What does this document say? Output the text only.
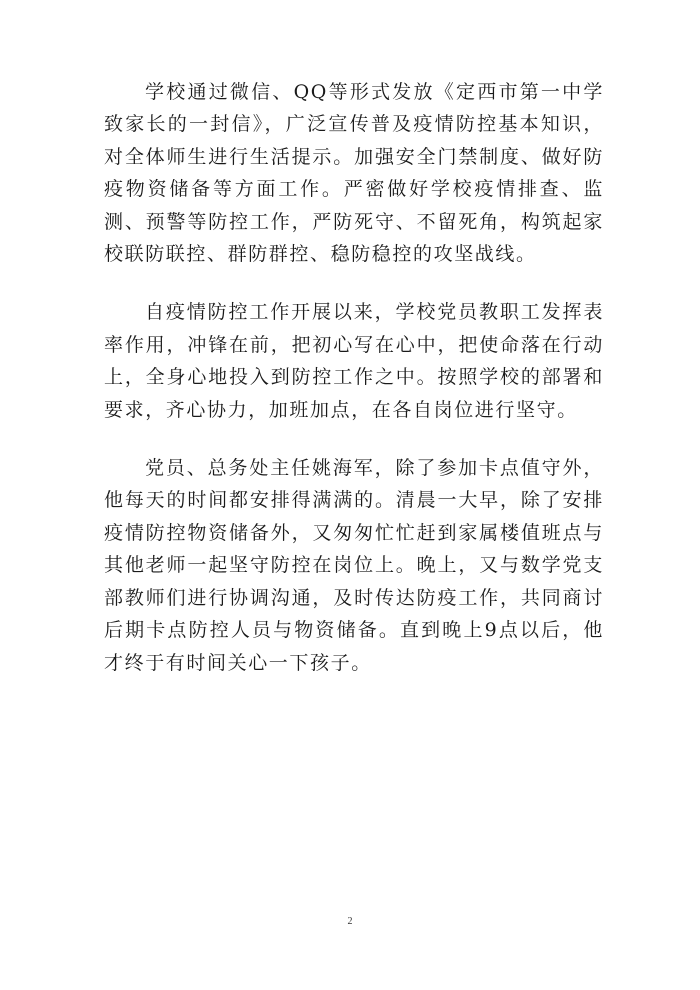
学校通过微信、QQ等形式发放《定西市第一中学致家长的一封信》，广泛宣传普及疫情防控基本知识，对全体师生进行生活提示。加强安全门禁制度、做好防疫物资储备等方面工作。严密做好学校疫情排查、监测、预警等防控工作，严防死守、不留死角，构筑起家校联防联控、群防群控、稳防稳控的攻坚战线。

自疫情防控工作开展以来，学校党员教职工发挥表率作用，冲锋在前，把初心写在心中，把使命落在行动上，全身心地投入到防控工作之中。按照学校的部署和要求，齐心协力，加班加点，在各自岗位进行坚守。

党员、总务处主任姚海军，除了参加卡点值守外，他每天的时间都安排得满满的。清晨一大早，除了安排疫情防控物资储备外，又匆匆忙忙赶到家属楼值班点与其他老师一起坚守防控在岗位上。晚上，又与数学党支部教师们进行协调沟通，及时传达防疫工作，共同商讨后期卡点防控人员与物资储备。直到晚上9点以后，他才终于有时间关心一下孩子。

2
